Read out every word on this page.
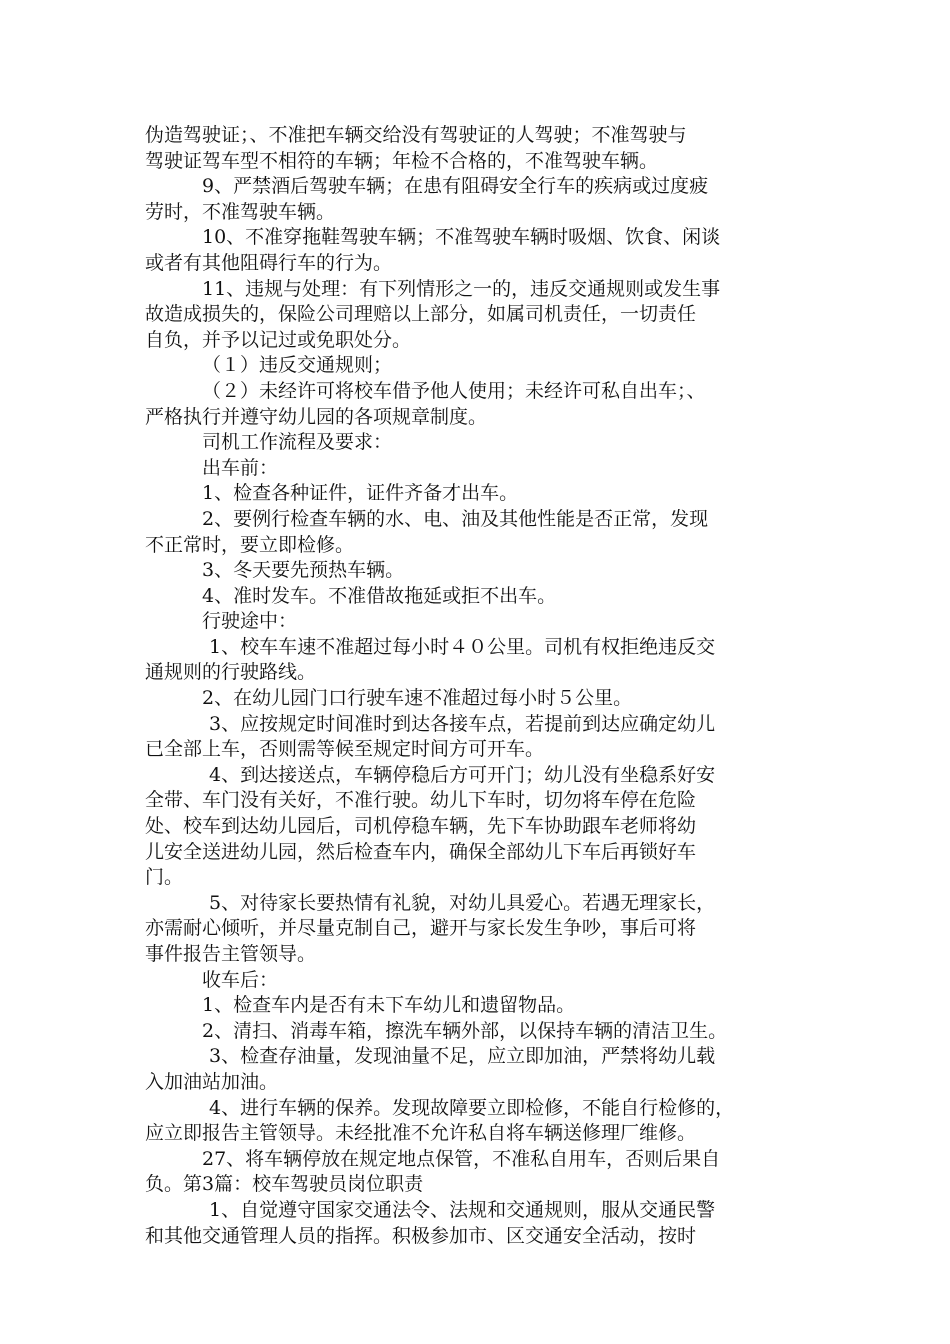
伪造驾驶证；、不准把车辆交给没有驾驶证的人驾驶；不准驾驶与
驾驶证驾车型不相符的车辆；年检不合格的，不准驾驶车辆。
9、严禁酒后驾驶车辆；在患有阻碍安全行车的疾病或过度疲
劳时，不准驾驶车辆。
10、不准穿拖鞋驾驶车辆；不准驾驶车辆时吸烟、饮食、闲谈
或者有其他阻碍行车的行为。
11、违规与处理：有下列情形之一的，违反交通规则或发生事
故造成损失的，保险公司理赔以上部分，如属司机责任，一切责任
自负，并予以记过或免职处分。
（１）违反交通规则；
（２）未经许可将校车借予他人使用；未经许可私自出车；、
严格执行并遵守幼儿园的各项规章制度。
司机工作流程及要求：
出车前：
1、检查各种证件，证件齐备才出车。
2、要例行检查车辆的水、电、油及其他性能是否正常，发现
不正常时，要立即检修。
3、冬天要先预热车辆。
4、准时发车。不准借故拖延或拒不出车。
行驶途中：
1、校车车速不准超过每小时４０公里。司机有权拒绝违反交
通规则的行驶路线。
2、在幼儿园门口行驶车速不准超过每小时５公里。
3、应按规定时间准时到达各接车点，若提前到达应确定幼儿
已全部上车，否则需等候至规定时间方可开车。
4、到达接送点，车辆停稳后方可开门；幼儿没有坐稳系好安
全带、车门没有关好，不准行驶。幼儿下车时，切勿将车停在危险
处、校车到达幼儿园后，司机停稳车辆，先下车协助跟车老师将幼
儿安全送进幼儿园，然后检查车内，确保全部幼儿下车后再锁好车
门。
5、对待家长要热情有礼貌，对幼儿具爱心。若遇无理家长，
亦需耐心倾听，并尽量克制自己，避开与家长发生争吵，事后可将
事件报告主管领导。
收车后：
1、检查车内是否有未下车幼儿和遗留物品。
2、清扫、消毒车箱，擦洗车辆外部，以保持车辆的清洁卫生。
3、检查存油量，发现油量不足，应立即加油，严禁将幼儿载
入加油站加油。
4、进行车辆的保养。发现故障要立即检修，不能自行检修的，
应立即报告主管领导。未经批准不允许私自将车辆送修理厂维修。
27、将车辆停放在规定地点保管，不准私自用车，否则后果自
负。第3篇：校车驾驶员岗位职责
1、自觉遵守国家交通法令、法规和交通规则，服从交通民警
和其他交通管理人员的指挥。积极参加市、区交通安全活动，按时
